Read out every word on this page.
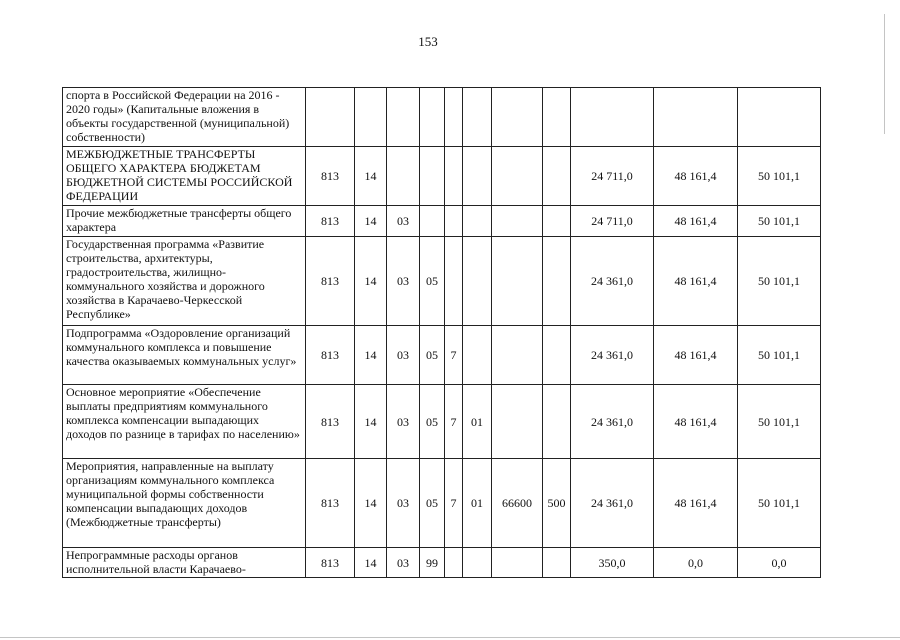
153
спорта в Российской Федерации на 2016 - 2020 годы» (Капитальные вложения в объекты государственной (муниципальной) собственности)											
МЕЖБЮДЖЕТНЫЕ ТРАНСФЕРТЫ ОБЩЕГО ХАРАКТЕРА БЮДЖЕТАМ БЮДЖЕТНОЙ СИСТЕМЫ РОССИЙСКОЙ ФЕДЕРАЦИИ	813	14							24 711,0	48 161,4	50 101,1
Прочие межбюджетные трансферты общего характера	813	14	03						24 711,0	48 161,4	50 101,1
Государственная программа «Развитие строительства, архитектуры, градостроительства, жилищно-коммунального хозяйства и дорожного хозяйства в Карачаево-Черкесской Республике»	813	14	03	05					24 361,0	48 161,4	50 101,1
Подпрограмма «Оздоровление организаций коммунального комплекса и повышение качества оказываемых коммунальных услуг»	813	14	03	05	7				24 361,0	48 161,4	50 101,1
Основное мероприятие «Обеспечение выплаты предприятиям коммунального комплекса компенсации выпадающих доходов по разнице в тарифах по населению»	813	14	03	05	7	01			24 361,0	48 161,4	50 101,1
Мероприятия, направленные на выплату организациям коммунального комплекса муниципальной формы собственности компенсации выпадающих доходов (Межбюджетные трансферты)	813	14	03	05	7	01	66600	500	24 361,0	48 161,4	50 101,1
Непрограммные расходы органов исполнительной власти Карачаево-	813	14	03	99					350,0	0,0	0,0
